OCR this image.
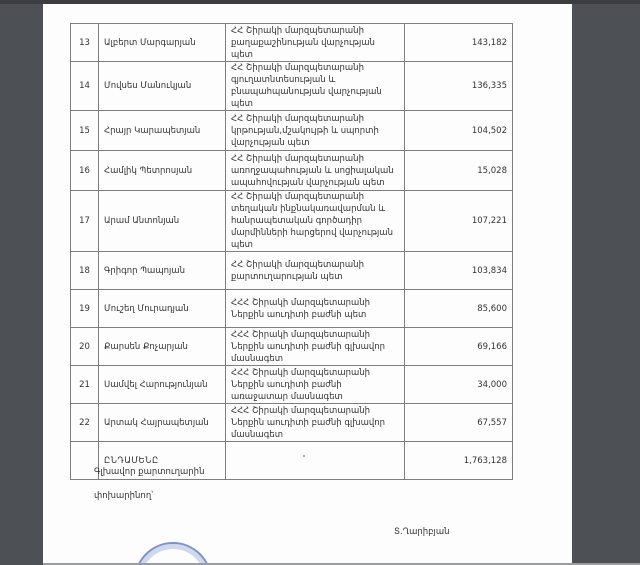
13	Ալբերտ Մարգարյան	ՀՀ Շիրակի մարզպետարանի քաղաքաշինության վարչության պետ	143,182
14	Մովսես Մանուկյան	ՀՀ Շիրակի մարզպետարանի գյուղատնտեսության և բնապահպանության վարչության պետ	136,335
15	Հրայր Կարապետյան	ՀՀ Շիրակի մարզպետարանի կրթության,մշակույթի և սպորտի վարչության պետ	104,502
16	Համլիկ Պետրոսյան	ՀՀ Շիրակի մարզպետարանի առողջապահության և սոցիալական ապահովության վարչության պետ	15,028
17	Արամ Անտոնյան	ՀՀ Շիրակի մարզպետարանի տեղական ինքնակառավարման և հանրապետական գործադիր մարմինների հարցերով վարչության պետ	107,221
18	Գրիգոր Պապոյան	ՀՀ Շիրակի մարզպետարանի քարտուղարության պետ	103,834
19	Մուշեղ Մուրադյան	ՀՀՀ Շիրակի մարզպետարանի Ներքին աուդիտի բաժնի պետ	85,600
20	Քարսեն Քոչարյան	ՀՀՀ Շիրակի մարզպետարանի Ներքին աուդիտի բաժնի գլխավոր մասնագետ	69,166
21	Սամվել Հարությունյան	ՀՀՀ Շիրակի մարզպետարանի Ներքին աուդիտի բաժնի առաջատար մասնագետ	34,000
22	Արտակ Հայրապետյան	ՀՀՀ Շիրակի մարզպետարանի Ներքին աուդիտի բաժնի գլխավոր մասնագետ	67,557
	ԸՆԴԱՄԵՆԸ		1,763,128
Գլխավոր քարտուղարին
փոխարինող՝
Տ.Ղարիբյան
